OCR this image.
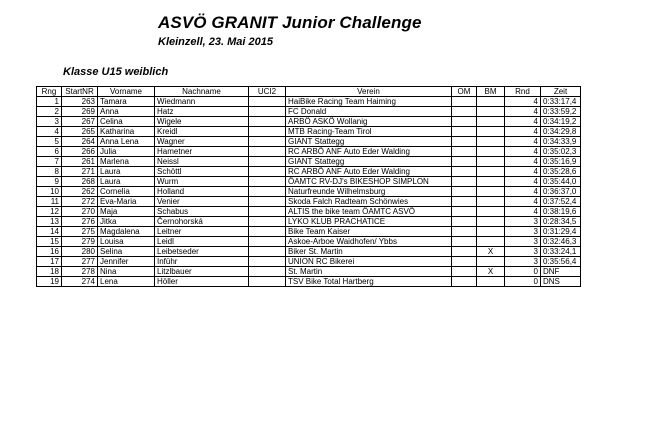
ASVÖ GRANIT Junior Challenge
Kleinzell, 23. Mai 2015
Klasse U15 weiblich
Rng	StartNR	Vorname	Nachname	UCI2	Verein	OM	BM	Rnd	Zeit
1	263	Tamara	Wiedmann		HaiBike Racing Team Haiming			4	0:33:17,4
2	269	Anna	Hatz		FC Donald			4	0:33:59,2
3	267	Celina	Wigele		ARBÖ ASKÖ Wollanig			4	0:34:19,2
4	265	Katharina	Kreidl		MTB Racing-Team Tirol			4	0:34:29,8
5	264	Anna Lena	Wagner		GIANT Stattegg			4	0:34:33,9
6	266	Julia	Hametner		RC ARBÖ ANF Auto Eder Walding			4	0:35:02,3
7	261	Marlena	Neissl		GIANT Stattegg			4	0:35:16,9
8	271	Laura	Schöttl		RC ARBÖ ANF Auto Eder Walding			4	0:35:28,6
9	268	Laura	Wurm		ÖAMTC RV-DJ's BIKESHOP SIMPLON			4	0:35:44,0
10	262	Cornelia	Holland		Naturfreunde Wilhelmsburg			4	0:36:37,0
11	272	Eva-Maria	Venier		Skoda Falch Radteam Schönwies			4	0:37:52,4
12	270	Maja	Schabus		ALTIS the bike team ÖAMTC ASVÖ			4	0:38:19,6
13	276	Jitka	Černohorská		LYKO KLUB PRACHATICE			3	0:28:34,5
14	275	Magdalena	Leitner		Bike Team Kaiser			3	0:31:29,4
15	279	Louisa	Leidl		Askoe-Arboe Waidhofen/ Ybbs			3	0:32:46,3
16	280	Selina	Leibetseder		Biker St. Martin		X	3	0:33:24,1
17	277	Jennifer	Inführ		UNION RC Bikerei			3	0:35:56,4
18	278	Nina	Litzlbauer		St. Martin		X	0	DNF
19	274	Lena	Höller		TSV Bike Total Hartberg			0	DNS
